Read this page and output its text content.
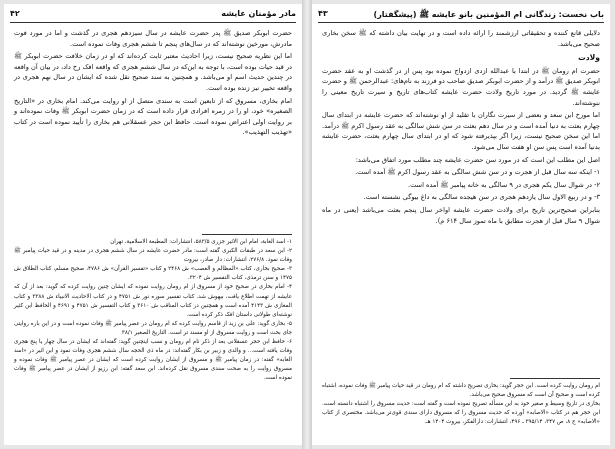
مادر مؤمنان عایشه
۴۲

حضرت ابوبکر صدیق ﷺ پدر حضرت عایشه در سال سیزدهم هجری در گذشت و اما در مورد فوت مادرش، مورخین نوشته‌اند که در سال‌های پنجم تا ششم هجری وفات نموده است.

اما این نظریه صحیح نیست، زیرا احادیث معتبر ثابت کرده‌اند که او در زمان خلافت حضرت ابوبکر ﷺ در قید حیات بوده است، با توجه به این‌که در سال ششم هجری که واقعه افک رخ داد، در بیان آن واقعه در چندین حدیث اسم او می‌باشد. و همچنین به سند صحیح نقل شده که ایشان در سال نهم هجری در واقعه تخییر نیز زنده بوده است.

امام بخاری، مسروق که از تابعین است به سندی متصل از او روایت می‌کند. امام بخاری در «التاریخ الصغیره» خود، او را در زمره افرادی قرار داده است که در زمان حضرت ابوبکر ﷺ وفات نموده‌اند و بر روایت اولی اعتراض نموده است. حافظ ابن حجر عسقلانی هم بخاری را تأیید نموده است در کتاب «تهذیب التهذیب».

۱- اسد الغابة، امام ابن الاثیر جزری ۵۸۳/۵، انتشارات: المطبعة الاسلامیة، تهران

۲- ابن سعد در طبقات الکبری گفته است: مادر حضرت عایشه در سال ششم هجری در مدینه و در قید حیات پیامبر ﷺ وفات نمود. ۲۷۶/۸، انتشارات: دار صادر، بیروت

۳- صحیح بخاری، کتاب «المظالم و الغصب» ش ۲۴۶۸ و کتاب «تفسیر القرآن» ش ۴۷۸۶، صحیح مسلم، کتاب الطلاق ش ۱۴۷۵ و سنن ترمذی، کتاب التفسیر ش ۳۲۰۴.

۴- امام بخاری در صحیح خود از مسروق از ام رومان روایت نموده که ایشان چنین روایت کرده که گوید: بعد از آن که عایشه از تهمت اطلاع یافت، بیهوش شد. کتاب تفسیر سوره نور ش ۴۷۵۱ و در کتاب الاحادیث الانبیاء ش ۳۳۸۸ و کتاب المغازی ش ۴۱۴۳ آمده است و همچنین در کتاب المناقب ش ۳۶۱۰ و کتاب التفسیر ش ۴۷۵۱ و ۴۶۹۱ و الحافظ ابن کثیر نوشته‌ای طولانی داستان افک ذکر کرده است.

۵- بخاری گوید: علی بن زید از قاسم روایت کرده که ام رومان در عصر پیامبر ﷺ وفات نموده است و در این باره روایتی جای بحث است و روایت مسروق از او مسند تر است. التاریخ الصغیر ۳۸/۱

۶- حافظ ابن حجر عسقلانی بعد از ذکر نام ام رومان و نسب اینچنین گوید: گفته‌اند که ایشان در سال چهار یا پنج هجری وفات یافته است... و والدی و زبیر بن بکار گفته‌اند: در ماه ذی الحجه سال ششم هجری وفات نمود و ابن اثیر در «اسد الغابه» گفته: در زمان پیامبر ﷺ و مسروق از ایشان روایت کرده است که ایشان در عصر پیامبر ﷺ وفات نموده و مسروق روایت را به صحت سندی مسروق نقل کرده‌اند. ابن سعد گفته: ابن رزیو از ایشان در عصر پیامبر ﷺ وفات نموده است.

باب نخست: زندگانی ام المؤمنین بانو عایشه ﷺ (پیشگفتار)
۴۳

دلایلی قانع کننده و تحقیقاتی ارزشمند را ارائه داده است و در نهایت بیان داشته که ﷺ سخن بخاری صحیح می‌باشد.

ولادت

حضرت ام رومان ﷺ در ابتدا با عبدالله ازدی ازدواج نموده بود پس از در گذشت او به عقد حضرت ابوبکر صدیق ﷺ درآمد و از حضرت ابوبکر صدیق صاحب دو فرزند به نام‌های: عبدالرحمن ﷺ و حضرت عایشه ﷺ گردید. در مورد تاریخ ولادت حضرت عایشه کتاب‌های تاریخ و سیرت تاریخ معینی را ننوشته‌اند.

اما مورخ ابن سعد و بعضی از سیرت نگاران با تقلید از او نوشته‌اند که حضرت عایشه در ابتدای سال چهارم بعثت به دنیا آمده است و در سال دهم بعثت در سن شش سالگی به عقد رسول اکرم ﷺ درآمد. اما این سخن صحیح نیست، زیرا اگر بپذیرفته شود که او در ابتدای سال چهارم بعثت، حضرت عایشه بدنیا آمده است پس سن او هفت سال می‌شود.

اصل این مطلب این است که در مورد سن حضرت عایشه چند مطلب مورد اتفاق می‌باشد:

۱- اینکه سه سال قبل از هجرت و در سن شش سالگی به عقد رسول اکرم ﷺ آمده است.

۲- در شوال سال یکم هجری در ۹ سالگی به خانه پیامبر ﷺ آمده است.

۳- و در ربیع الاول سال یازدهم هجری در سن هیجده سالگی به داغ بیوگی نشسته است.

بنابراین صحیح‌ترین تاریخ برای ولادت حضرت عایشه اواخر سال پنجم بعثت می‌باشد (یعنی در ماه شوال ۹ سال قبل از هجرت مطابق با ماه تموز سال ۶۱۴ م).

ام رومان روایت کرده است. این حجر گوید: بخاری تصریح داشته که ام رومان در قید حیات پیامبر ﷺ وفات نموده، اشتباه کرده است و صحیح آن است که مسروق صحیح می‌باشد.

بخاری در تاریخ وسیط و صغیر خود به این مسأله تصریح نموده است و گفته است: حدیث مسروق را اشتباه دانسته است. ابن حجر هم در کتاب «الاصابه» آورده که حدیث مسروق را که مسروق دارای سندی قوی‌تر می‌باشد. مختصری از کتاب «الاصابه» ج ۸، ص ۳۴۷، ۳۹۵/۱۴ ـ ۴۹۶، انتشارات: دارالفکر، بیروت ۱۴۰۴ هـ.
